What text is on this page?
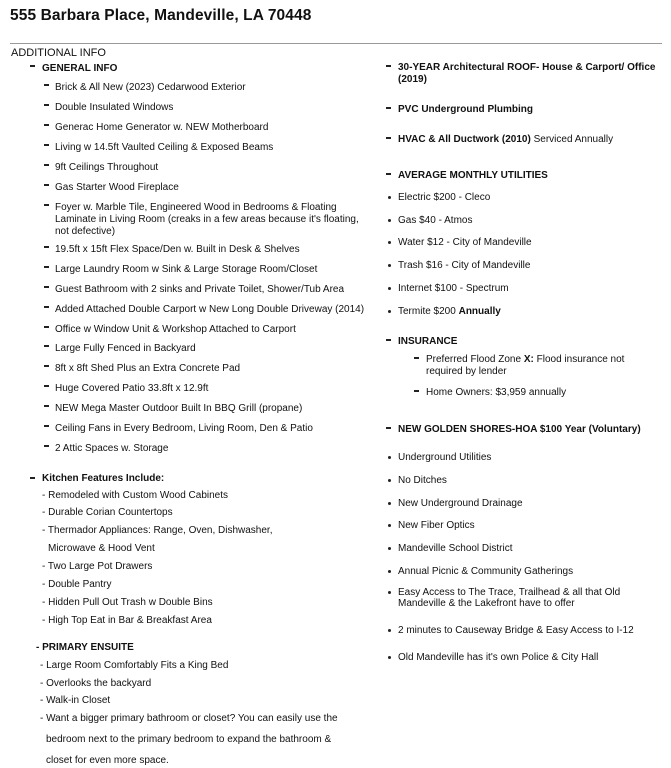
555 Barbara Place, Mandeville, LA 70448
ADDITIONAL INFO
GENERAL INFO
Brick & All New (2023) Cedarwood Exterior
Double Insulated Windows
Generac Home Generator w. NEW Motherboard
Living w 14.5ft Vaulted Ceiling & Exposed Beams
9ft Ceilings Throughout
Gas Starter Wood Fireplace
Foyer w. Marble Tile, Engineered Wood in Bedrooms & Floating Laminate in Living Room (creaks in a few areas because it's floating, not defective)
19.5ft x 15ft Flex Space/Den w. Built in Desk & Shelves
Large Laundry Room w Sink & Large Storage Room/Closet
Guest Bathroom with 2 sinks and Private Toilet, Shower/Tub Area
Added Attached Double Carport w New Long Double Driveway (2014)
Office w Window Unit & Workshop Attached to Carport
Large Fully Fenced in Backyard
8ft x 8ft Shed Plus an Extra Concrete Pad
Huge Covered Patio 33.8ft x 12.9ft
NEW Mega Master Outdoor Built In BBQ Grill (propane)
Ceiling Fans in Every Bedroom, Living Room, Den & Patio
2 Attic Spaces w. Storage
Kitchen Features Include:
- Remodeled with Custom Wood Cabinets
- Durable Corian Countertops
- Thermador Appliances: Range, Oven, Dishwasher,
Microwave & Hood Vent
- Two Large Pot Drawers
- Double Pantry
- Hidden Pull Out Trash w Double Bins
- High Top Eat in Bar & Breakfast Area
- PRIMARY ENSUITE
- Large Room Comfortably Fits a King Bed
- Overlooks the backyard
- Walk-in Closet
- Want a bigger primary bathroom or closet? You can easily use the
bedroom next to the primary bedroom to expand the bathroom &
closet for even more space.
30-YEAR Architectural ROOF- House & Carport/ Office (2019)
PVC Underground Plumbing
HVAC & All Ductwork (2010) Serviced Annually
AVERAGE MONTHLY UTILITIES
Electric $200 - Cleco
Gas $40 - Atmos
Water $12 - City of Mandeville
Trash $16 - City of Mandeville
Internet $100 - Spectrum
Termite $200 Annually
INSURANCE
Preferred Flood Zone X: Flood insurance not required by lender
Home Owners: $3,959 annually
NEW GOLDEN SHORES-HOA $100 Year (Voluntary)
Underground Utilities
No Ditches
New Underground Drainage
New Fiber Optics
Mandeville School District
Annual Picnic & Community Gatherings
Easy Access to The Trace, Trailhead & all that Old Mandeville & the Lakefront have to offer
2 minutes to Causeway Bridge & Easy Access to I-12
Old Mandeville has it's own Police & City Hall
